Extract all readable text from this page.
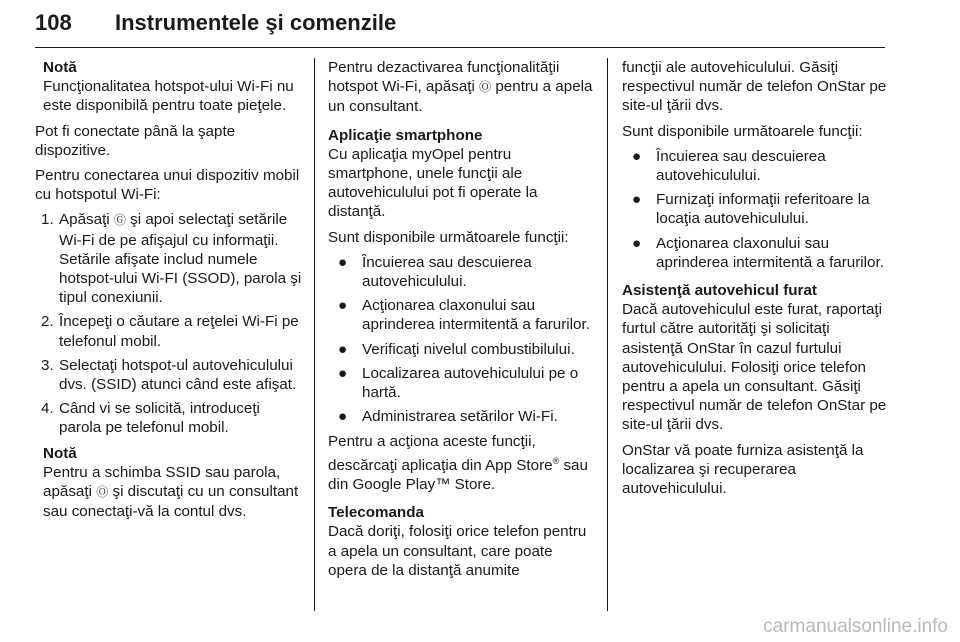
108 Instrumentele şi comenzile
Notă
Funcţionalitatea hotspot-ului Wi-Fi nu este disponibilă pentru toate pieţele.

Pot fi conectate până la şapte dispozitive.

Pentru conectarea unui dispozitiv mobil cu hotspotul Wi-Fi:

1. Apăsaţi Ⓖ şi apoi selectaţi setările Wi-Fi de pe afişajul cu informaţii. Setările afişate includ numele hotspot-ului Wi-FI (SSOD), parola şi tipul conexiunii.
2. Începeţi o căutare a reţelei Wi-Fi pe telefonul mobil.
3. Selectaţi hotspot-ul autovehiculului dvs. (SSID) atunci când este afişat.
4. Când vi se solicită, introduceţi parola pe telefonul mobil.
Notă
Pentru a schimba SSID sau parola, apăsaţi Ⓞ şi discutaţi cu un consultant sau conectaţi-vă la contul dvs.

Pentru dezactivarea funcţionalităţii hotspot Wi-Fi, apăsaţi Ⓞ pentru a apela un consultant.

Aplicaţie smartphone

Cu aplicaţia myOpel pentru smartphone, unele funcţii ale autovehiculului pot fi operate la distanţă.

Sunt disponibile următoarele funcţii:

● Încuierea sau descuierea autovehiculului.
● Acţionarea claxonului sau aprinderea intermitentă a farurilor.
● Verificaţi nivelul combustibilului.
● Localizarea autovehiculului pe o hartă.
● Administrarea setărilor Wi-Fi.

Pentru a acţiona aceste funcţii, descărcaţi aplicaţia din App Store® sau din Google Play™ Store.

Telecomanda

Dacă doriţi, folosiţi orice telefon pentru a apela un consultant, care poate opera de la distanţă anumite

funcţii ale autovehiculului. Găsiţi respectivul număr de telefon OnStar pe site-ul ţării dvs.

Sunt disponibile următoarele funcţii:

● Încuierea sau descuierea autovehiculului.
● Furnizaţi informaţii referitoare la locaţia autovehiculului.
● Acţionarea claxonului sau aprinderea intermitentă a farurilor.
Asistenţă autovehicul furat

Dacă autovehiculul este furat, raportaţi furtul către autorităţi şi solicitaţi asistenţă OnStar în cazul furtului autovehiculului. Folosiţi orice telefon pentru a apela un consultant. Găsiţi respectivul număr de telefon OnStar pe site-ul ţării dvs.

OnStar vă poate furniza asistenţă la localizarea şi recuperarea autovehiculului.

carmanualsonline.info
